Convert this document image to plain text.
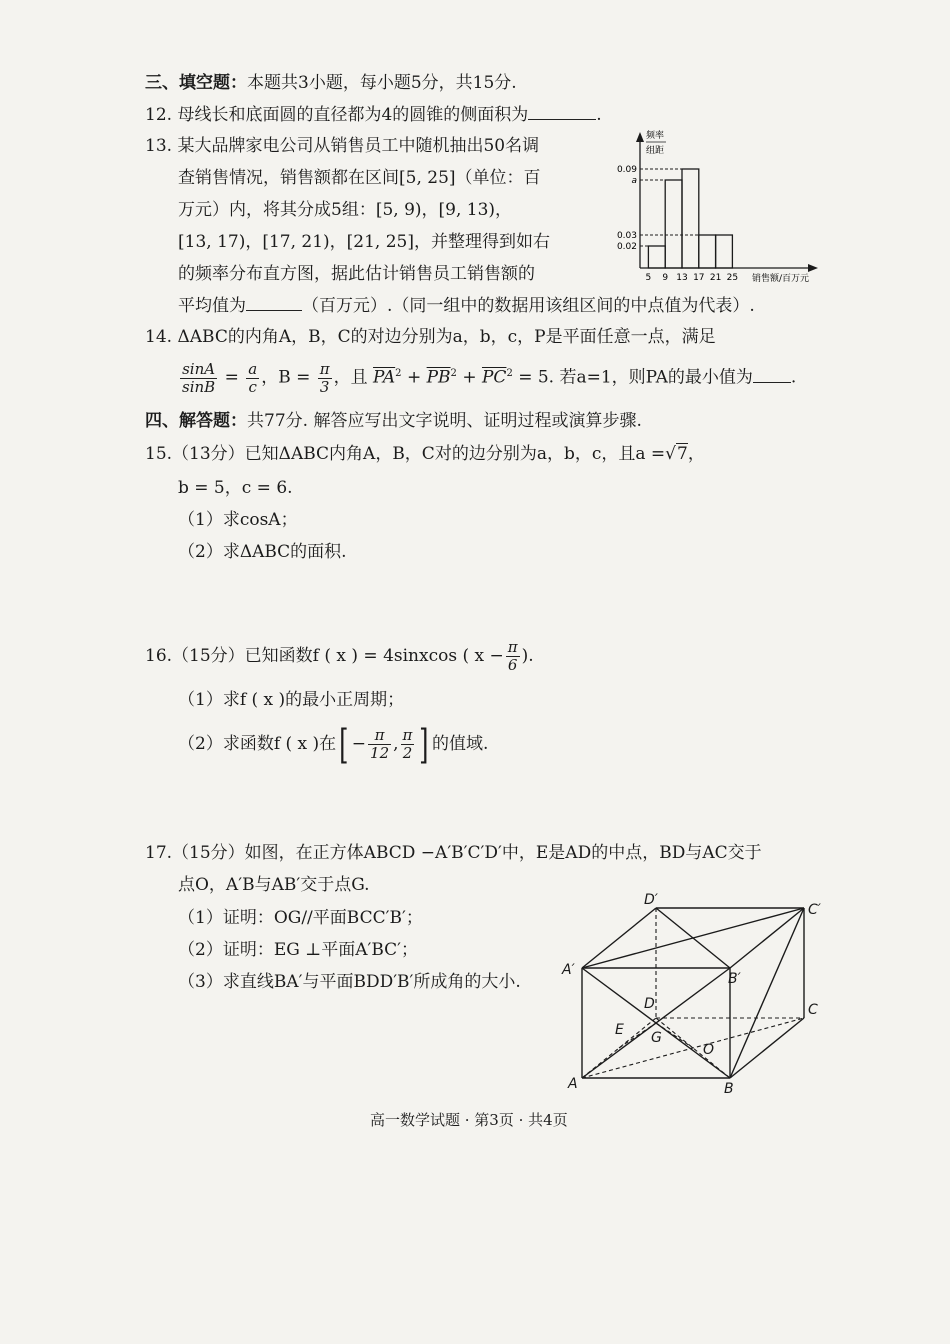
三、填空题：本题共3小题，每小题5分，共15分.
12. 母线长和底面圆的直径都为4的圆锥的侧面积为	.
13. 某大品牌家电公司从销售员工中随机抽出50名调
查销售情况，销售额都在区间[5, 25]（单位：百
万元）内，将其分成5组：[5, 9)，[9, 13)，
[13, 17)，[17, 21)，[21, 25]，并整理得到如右
的频率分布直方图，据此估计销售员工销售额的
平均值为	（百万元）.（同一组中的数据用该组区间的中点值为代表）.
0.09
a
0.03
0.02
5 9 13 17 21 25
频率
组距
销售额/百万元
14. ΔABC的内角A，B，C的对边分别为a，b，c，P是平面任意一点，满足
$\frac{\sin A}{\sin B} = \frac{a}{c}$ ，$B = \frac{\pi}{3}$ ，且 $\overline{PA}^2 + \overline{PB}^2 + \overline{PC}^2 = 5$. 若a=1，则PA的最小值为 .
四、解答题：共77分. 解答应写出文字说明、证明过程或演算步骤.
15.（13分）已知ΔABC内角A，B，C对的边分别为a，b，c，且a =√7，
b = 5，c = 6.
（1）求cosA；
（2）求ΔABC的面积.
16.（15分）已知函数f ( x ) = 4sinxcos ( $x - \frac{\pi}{6}$ ).
（1）求f ( x )的最小正周期；
（2）求函数f ( x )在[ − $\frac{\pi}{12}$ , $\frac{\pi}{2}$ ] 的值域.
17.（15分）如图，在正方体ABCD −A′B′C′D′中，E是AD的中点，BD与AC交于
点O，A′B与AB′交于点G.
（1）证明：OG//平面BCC′B′；
（2）证明：EG ⊥平面A′BC′；
（3）求直线BA′与平面BDD′B′所成角的大小.
A	B
C
D
A′
B′
C′
D′
E G
O
高一数学试题 · 第3页 · 共4页
